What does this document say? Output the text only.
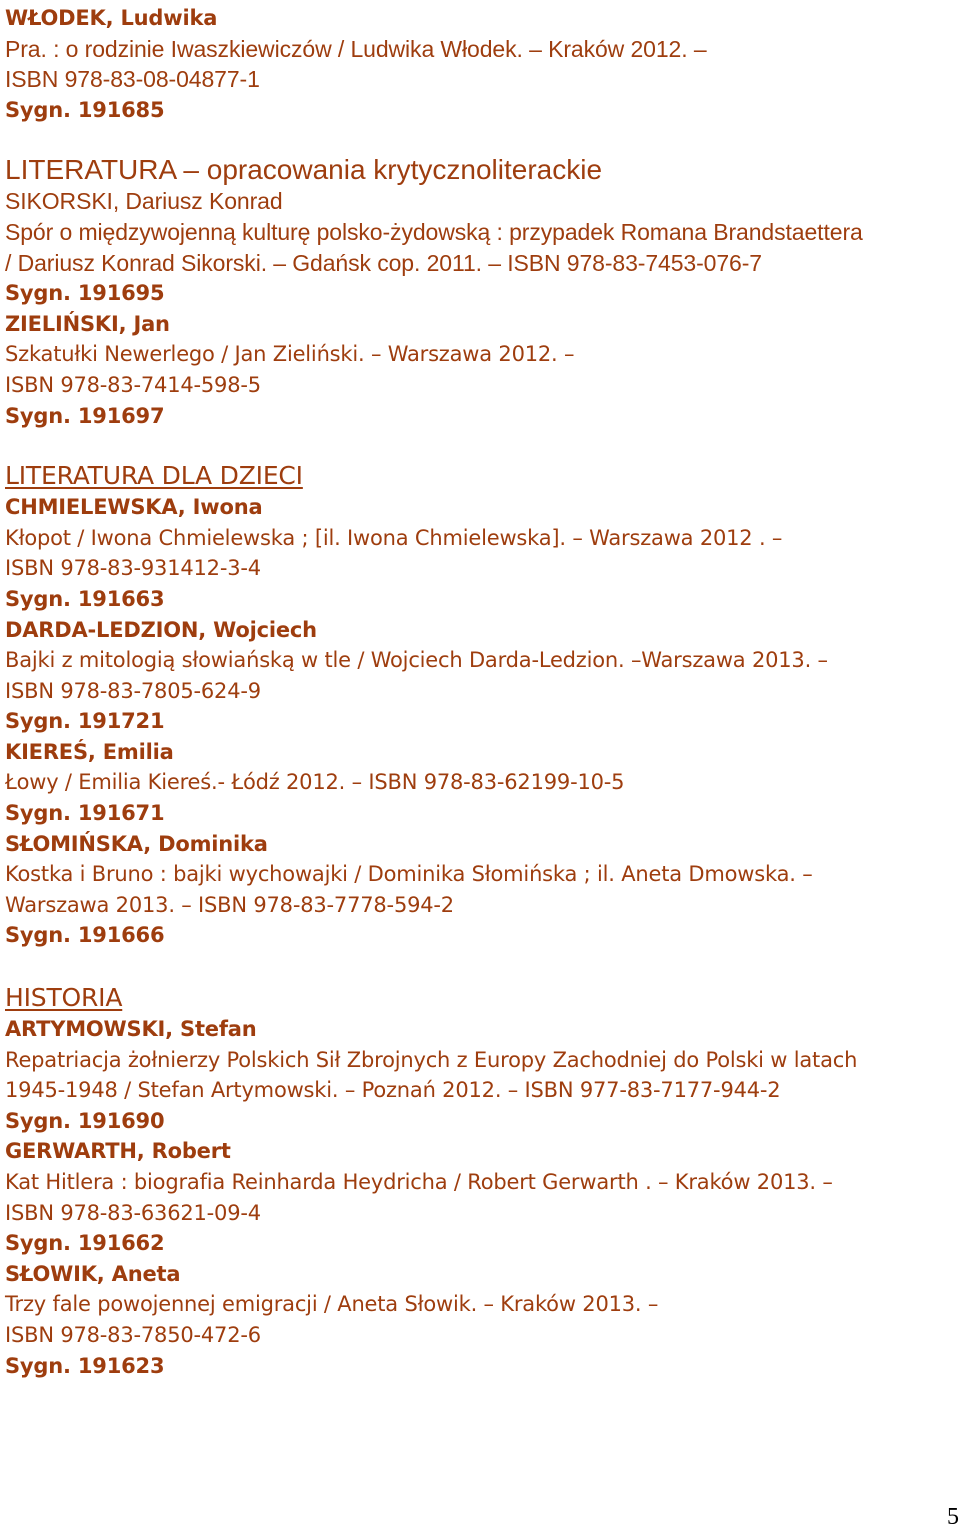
WŁODEK, Ludwika
Pra. : o rodzinie Iwaszkiewiczów / Ludwika Włodek. – Kraków 2012. –
ISBN 978-83-08-04877-1
Sygn. 191685
LITERATURA – opracowania krytycznoliterackie
SIKORSKI, Dariusz Konrad
Spór o międzywojenną kulturę polsko-żydowską : przypadek Romana Brandstaettera
/ Dariusz Konrad Sikorski. – Gdańsk cop. 2011. – ISBN 978-83-7453-076-7
Sygn. 191695
ZIELIŃSKI, Jan
Szkatułki Newerlego / Jan Zieliński. – Warszawa 2012. –
ISBN 978-83-7414-598-5
Sygn. 191697
LITERATURA DLA DZIECI
CHMIELEWSKA, Iwona
Kłopot / Iwona Chmielewska ; [il. Iwona Chmielewska]. – Warszawa 2012 . –
ISBN 978-83-931412-3-4
Sygn. 191663
DARDA-LEDZION, Wojciech
Bajki z mitologią słowiańską w tle / Wojciech Darda-Ledzion. –Warszawa 2013. –
ISBN 978-83-7805-624-9
Sygn. 191721
KIEREŚ, Emilia
Łowy / Emilia Kiereś.- Łódź 2012. – ISBN 978-83-62199-10-5
Sygn. 191671
SŁOMIŃSKA, Dominika
Kostka i Bruno : bajki wychowajki / Dominika Słomińska ; il. Aneta Dmowska. –
Warszawa 2013. – ISBN 978-83-7778-594-2
Sygn. 191666
HISTORIA
ARTYMOWSKI, Stefan
Repatriacja żołnierzy Polskich Sił Zbrojnych z Europy Zachodniej do Polski w latach
1945-1948 / Stefan Artymowski. – Poznań 2012. – ISBN 977-83-7177-944-2
Sygn. 191690
GERWARTH, Robert
Kat Hitlera : biografia Reinharda Heydricha / Robert Gerwarth . – Kraków 2013. –
ISBN 978-83-63621-09-4
Sygn. 191662
SŁOWIK, Aneta
Trzy fale powojennej emigracji / Aneta Słowik. – Kraków 2013. –
ISBN 978-83-7850-472-6
Sygn. 191623
5
